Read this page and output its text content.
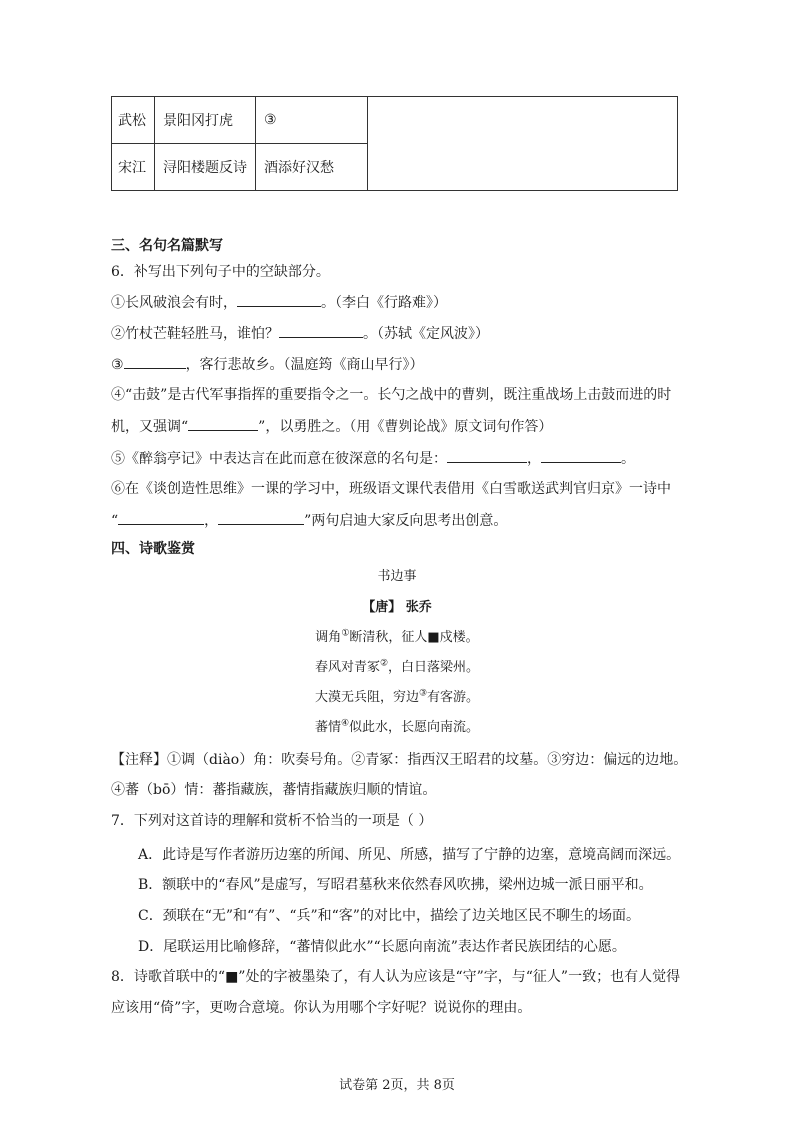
武松	景阳冈打虎	③	
宋江	浔阳楼题反诗	酒添好汉愁	
三、名句名篇默写
6．补写出下列句子中的空缺部分。
①长风破浪会有时，	。（李白《行路难》）
②竹杖芒鞋轻胜马，谁怕？	。（苏轼《定风波》）
③	，客行悲故乡。（温庭筠《商山早行》）
④“击鼓”是古代军事指挥的重要指令之一。长勺之战中的曹刿，既注重战场上击鼓而进的时
机，又强调“	”，以勇胜之。（用《曹刿论战》原文词句作答）
⑤《醉翁亭记》中表达言在此而意在彼深意的名句是：	，	。
⑥在《谈创造性思维》一课的学习中，班级语文课代表借用《白雪歌送武判官归京》一诗中
“	，	”两句启迪大家反向思考出创意。
四、诗歌鉴赏
书边事
【唐】 张乔
调角①断清秋，征人■戍楼。
春风对青冢②，白日落梁州。
大漠无兵阻，穷边③有客游。
蕃情④似此水，长愿向南流。
【注释】①调（diào）角：吹奏号角。②青冢：指西汉王昭君的坟墓。③穷边：偏远的边地。
④蕃（bō）情：蕃指藏族，蕃情指藏族归顺的情谊。
7．下列对这首诗的理解和赏析不恰当的一项是（ ）
A．此诗是写作者游历边塞的所闻、所见、所感，描写了宁静的边塞，意境高阔而深远。
B．额联中的“春风”是虚写，写昭君墓秋来依然春风吹拂，梁州边城一派日丽平和。
C．颈联在“无”和“有”、“兵”和“客”的对比中，描绘了边关地区民不聊生的场面。
D．尾联运用比喻修辞，“蕃情似此水”“长愿向南流”表达作者民族团结的心愿。
8．诗歌首联中的“■”处的字被墨染了，有人认为应该是“守”字，与“征人”一致；也有人觉得
应该用“倚”字，更吻合意境。你认为用哪个字好呢？说说你的理由。
试卷第 2页，共 8页
